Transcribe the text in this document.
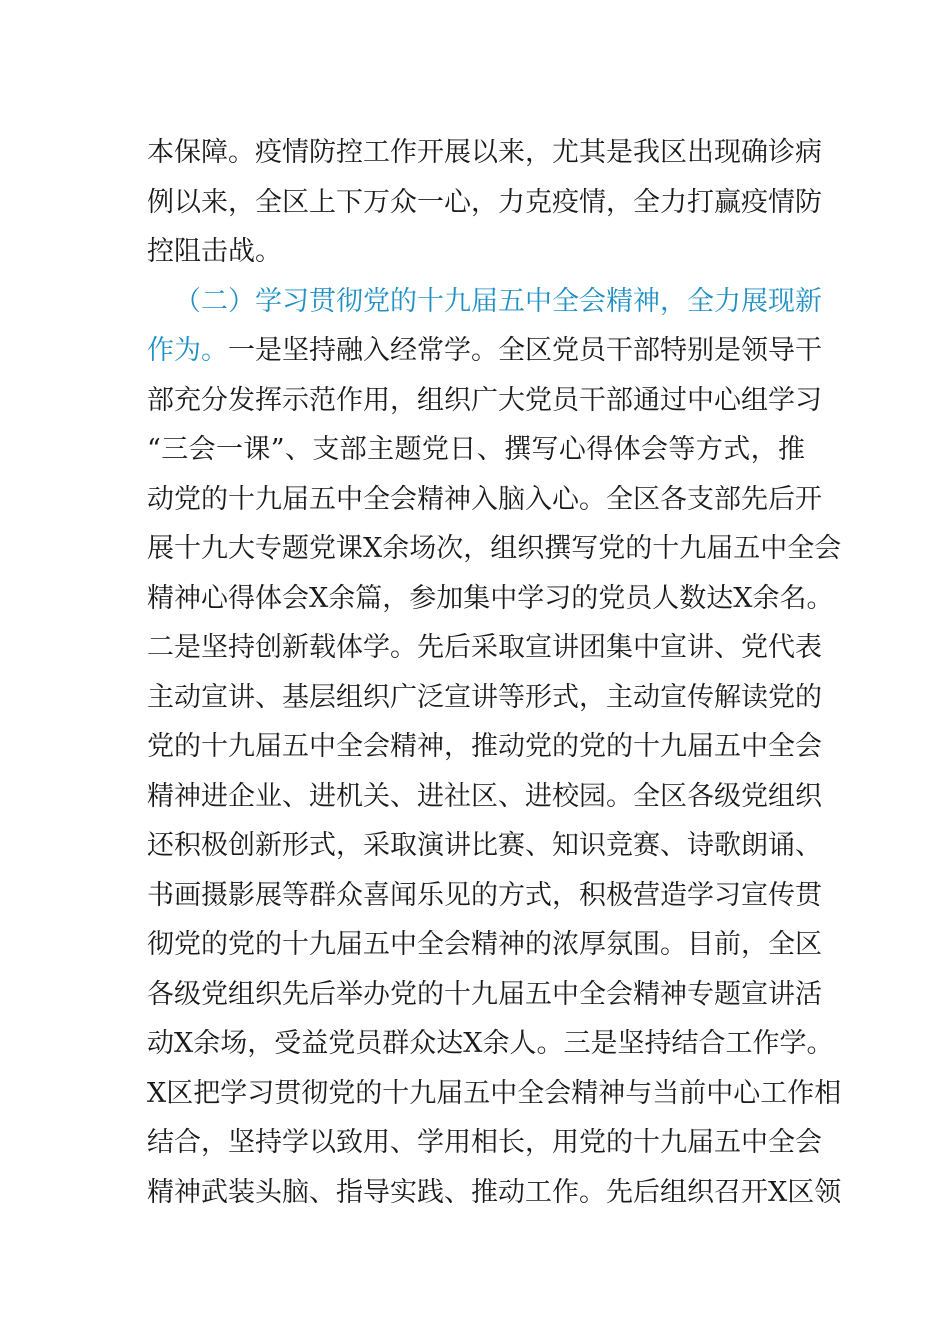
本保障。疫情防控工作开展以来，尤其是我区出现确诊病
例以来，全区上下万众一心，力克疫情，全力打赢疫情防
控阻击战。
（二）学习贯彻党的十九届五中全会精神，全力展现新
作为。一是坚持融入经常学。全区党员干部特别是领导干
部充分发挥示范作用，组织广大党员干部通过中心组学习
“三会一课”、支部主题党日、撰写心得体会等方式，推
动党的十九届五中全会精神入脑入心。全区各支部先后开
展十九大专题党课X余场次，组织撰写党的十九届五中全会
精神心得体会X余篇，参加集中学习的党员人数达X余名。
二是坚持创新载体学。先后采取宣讲团集中宣讲、党代表
主动宣讲、基层组织广泛宣讲等形式，主动宣传解读党的
党的十九届五中全会精神，推动党的党的十九届五中全会
精神进企业、进机关、进社区、进校园。全区各级党组织
还积极创新形式，采取演讲比赛、知识竞赛、诗歌朗诵、
书画摄影展等群众喜闻乐见的方式，积极营造学习宣传贯
彻党的党的十九届五中全会精神的浓厚氛围。目前，全区
各级党组织先后举办党的十九届五中全会精神专题宣讲活
动X余场，受益党员群众达X余人。三是坚持结合工作学。
X区把学习贯彻党的十九届五中全会精神与当前中心工作相
结合，坚持学以致用、学用相长，用党的十九届五中全会
精神武装头脑、指导实践、推动工作。先后组织召开X区领
